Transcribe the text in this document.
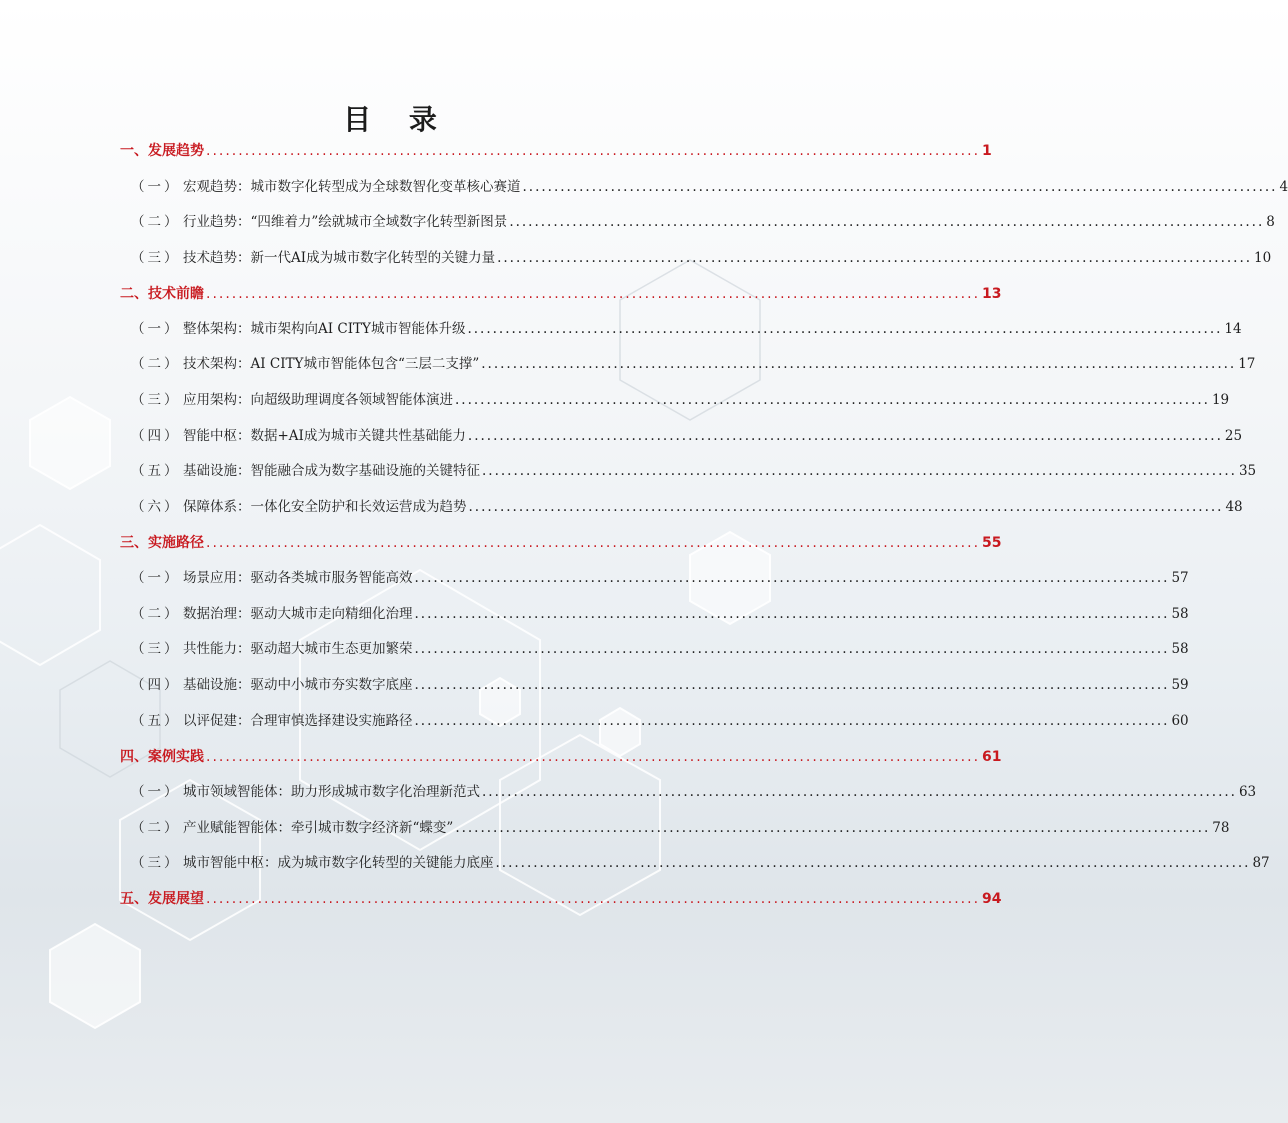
目 录
一、 发展趋势 ........................................................................................................................ 1
（一） 宏观趋势：城市数字化转型成为全球数智化变革核心赛道 ........................................................................................................................ 4
（二） 行业趋势：“四维着力”绘就城市全域数字化转型新图景 ........................................................................................................................ 8
（三） 技术趋势：新一代AI成为城市数字化转型的关键力量 ........................................................................................................................ 10
二、 技术前瞻 ........................................................................................................................ 13
（一） 整体架构：城市架构向AI CITY城市智能体升级 ........................................................................................................................ 14
（二） 技术架构：AI CITY城市智能体包含“三层二支撑” ........................................................................................................................ 17
（三） 应用架构：向超级助理调度各领域智能体演进 ........................................................................................................................ 19
（四） 智能中枢：数据+AI成为城市关键共性基础能力 ........................................................................................................................ 25
（五） 基础设施：智能融合成为数字基础设施的关键特征 ........................................................................................................................ 35
（六） 保障体系：一体化安全防护和长效运营成为趋势 ........................................................................................................................ 48
三、 实施路径 ........................................................................................................................ 55
（一） 场景应用：驱动各类城市服务智能高效 ........................................................................................................................ 57
（二） 数据治理：驱动大城市走向精细化治理 ........................................................................................................................ 58
（三） 共性能力：驱动超大城市生态更加繁荣 ........................................................................................................................ 58
（四） 基础设施：驱动中小城市夯实数字底座 ........................................................................................................................ 59
（五） 以评促建：合理审慎选择建设实施路径 ........................................................................................................................ 60
四、 案例实践 ........................................................................................................................ 61
（一） 城市领域智能体：助力形成城市数字化治理新范式 ........................................................................................................................ 63
（二） 产业赋能智能体：牵引城市数字经济新“蝶变” ........................................................................................................................ 78
（三） 城市智能中枢：成为城市数字化转型的关键能力底座 ........................................................................................................................ 87
五、 发展展望 ........................................................................................................................ 94
